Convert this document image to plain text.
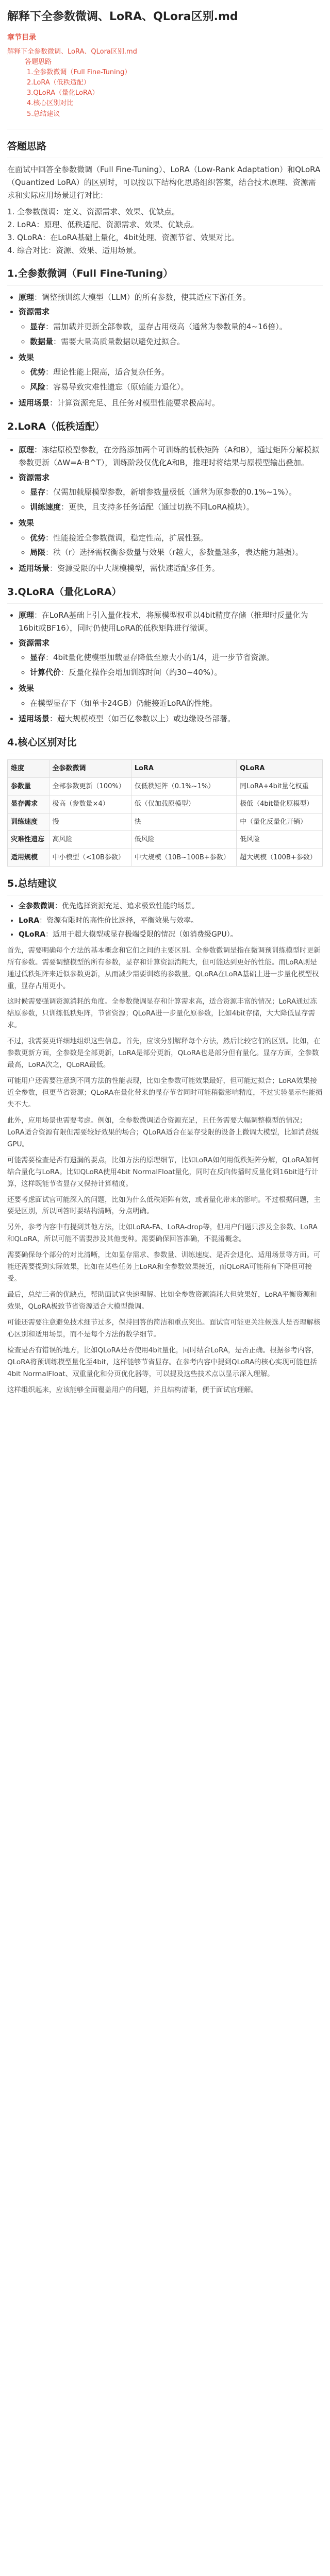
解释下全参数微调、LoRA、QLora区别.md
章节目录
解释下全参数微调、LoRA、QLora区别.md
答题思路
1.全参数微调（Full Fine-Tuning）
2.LoRA（低秩适配）
3.QLoRA（量化LoRA）
4.核心区别对比
5.总结建议
答题思路

在面试中回答全参数微调（Full Fine-Tuning）、LoRA（Low-Rank Adaptation）和QLoRA（Quantized LoRA）的区别时，可以按以下结构化思路组织答案，结合技术原理、资源需求和实际应用场景进行对比：

1. 全参数微调：定义、资源需求、效果、优缺点。
2. LoRA：原理、低秩适配、资源需求、效果、优缺点。
3. QLoRA：在LoRA基础上量化，4bit处理、资源节省、效果对比。
4. 综合对比：资源、效果、适用场景。
1.全参数微调（Full Fine-Tuning）
• 原理：调整预训练大模型（LLM）的所有参数，使其适应下游任务。
• 资源需求
◦ 显存：需加载并更新全部参数，显存占用极高（通常为参数量的4~16倍）。
◦ 数据量：需要大量高质量数据以避免过拟合。
• 效果
◦ 优势：理论性能上限高，适合复杂任务。
◦ 风险：容易导致灾难性遗忘（原始能力退化）。
• 适用场景：计算资源充足、且任务对模型性能要求极高时。
2.LoRA（低秩适配）
• 原理：冻结原模型参数，在旁路添加两个可训练的低秩矩阵（A和B），通过矩阵分解模拟参数更新（ΔW=A·B^T），训练阶段仅优化A和B，推理时将结果与原模型输出叠加。
• 资源需求
◦ 显存：仅需加载原模型参数，新增参数量极低（通常为原参数的0.1%~1%）。
◦ 训练速度：更快，且支持多任务适配（通过切换不同LoRA模块）。
• 效果
◦ 优势：性能接近全参数微调，稳定性高，扩展性强。
◦ 局限：秩（r）选择需权衡参数量与效果（r越大，参数量越多，表达能力越强）。
• 适用场景：资源受限的中大规模模型，需快速适配多任务。
3.QLoRA（量化LoRA）
• 原理：在LoRA基础上引入量化技术，将原模型权重以4bit精度存储（推理时反量化为16bit或BF16），同时仍使用LoRA的低秩矩阵进行微调。
• 资源需求
◦ 显存：4bit量化使模型加载显存降低至原大小的1/4，进一步节省资源。
◦ 计算代价：反量化操作会增加训练时间（约30~40%）。
• 效果
◦ 在模型显存下（如单卡24GB）仍能接近LoRA的性能。
• 适用场景：超大规模模型（如百亿参数以上）或边缘设备部署。
4.核心区别对比
维度	全参数微调	LoRA	QLoRA
参数量	全部参数更新（100%）	仅低秩矩阵（0.1%~1%）	同LoRA+4bit量化权重
显存需求	极高（参数量×4）	低（仅加载原模型）	极低（4bit量化原模型）
训练速度	慢	快	中（量化反量化开销）
灾难性遗忘	高风险	低风险	低风险
适用规模	中小模型（<10B参数）	中大规模（10B~100B+参数）	超大规模（100B+参数）
5.总结建议
• 全参数微调：优先选择资源充足、追求极致性能的场景。
• LoRA：资源有限时的高性价比选择，平衡效果与效率。
• QLoRA：适用于超大模型或显存极端受限的情况（如消费级GPU）。

首先，需要明确每个方法的基本概念和它们之间的主要区别。全参数微调是指在微调预训练模型时更新所有参数。需要调整模型的所有参数，显存和计算资源消耗大，但可能达到更好的性能。而LoRA则是通过低秩矩阵来近似参数更新，从而减少需要训练的参数量。QLoRA在LoRA基础上进一步量化模型权重，显存占用更小。

这时候需要强调资源消耗的角度。全参数微调显存和计算需求高，适合资源丰富的情况；LoRA通过冻结原参数，只训练低秩矩阵，节省资源；QLoRA进一步量化原参数，比如4bit存储，大大降低显存需求。

不过，我需要更详细地组织这些信息。首先，应该分别解释每个方法，然后比较它们的区别。比如，在参数更新方面，全参数是全部更新，LoRA是部分更新，QLoRA也是部分但有量化。显存方面，全参数最高，LoRA次之，QLoRA最低。

可能用户还需要注意到不同方法的性能表现，比如全参数可能效果最好，但可能过拟合；LoRA效果接近全参数，但更节省资源；QLoRA在量化带来的显存节省同时可能稍微影响精度，不过实验显示性能损失不大。

此外，应用场景也需要考虑。例如，全参数微调适合资源充足，且任务需要大幅调整模型的情况；LoRA适合资源有限但需要较好效果的场合；QLoRA适合在显存受限的设备上微调大模型，比如消费级GPU。

可能需要检查是否有遗漏的要点，比如方法的原理细节，比如LoRA如何用低秩矩阵分解，QLoRA如何结合量化与LoRA。比如QLoRA使用4bit NormalFloat量化，同时在反向传播时反量化到16bit进行计算，这样既能节省显存又保持计算精度。

还要考虑面试官可能深入的问题，比如为什么低秩矩阵有效，或者量化带来的影响。不过根据问题，主要是区别，所以回答时要结构清晰，分点明确。

另外，参考内容中有提到其他方法，比如LoRA-FA、LoRA-drop等，但用户问题只涉及全参数、LoRA和QLoRA，所以可能不需要涉及其他变种。需要确保回答准确，不混淆概念。

需要确保每个部分的对比清晰，比如显存需求、参数量、训练速度、是否会退化、适用场景等方面。可能还需要提到实际效果，比如在某些任务上LoRA和全参数效果接近，而QLoRA可能稍有下降但可接受。

最后，总结三者的优缺点，帮助面试官快速理解。比如全参数资源消耗大但效果好，LoRA平衡资源和效果，QLoRA极致节省资源适合大模型微调。

可能还需要注意避免技术细节过多，保持回答的简洁和重点突出。面试官可能更关注候选人是否理解核心区别和适用场景，而不是每个方法的数学细节。

检查是否有错误的地方，比如QLoRA是否使用4bit量化，同时结合LoRA，是否正确。根据参考内容，QLoRA将预训练模型量化至4bit，这样能够节省显存。在参考内容中提到QLoRA的核心实现可能包括4bit NormalFloat、双重量化和分页优化器等，可以提及这些技术点以显示深入理解。

这样组织起来，应该能够全面覆盖用户的问题，并且结构清晰，便于面试官理解。
